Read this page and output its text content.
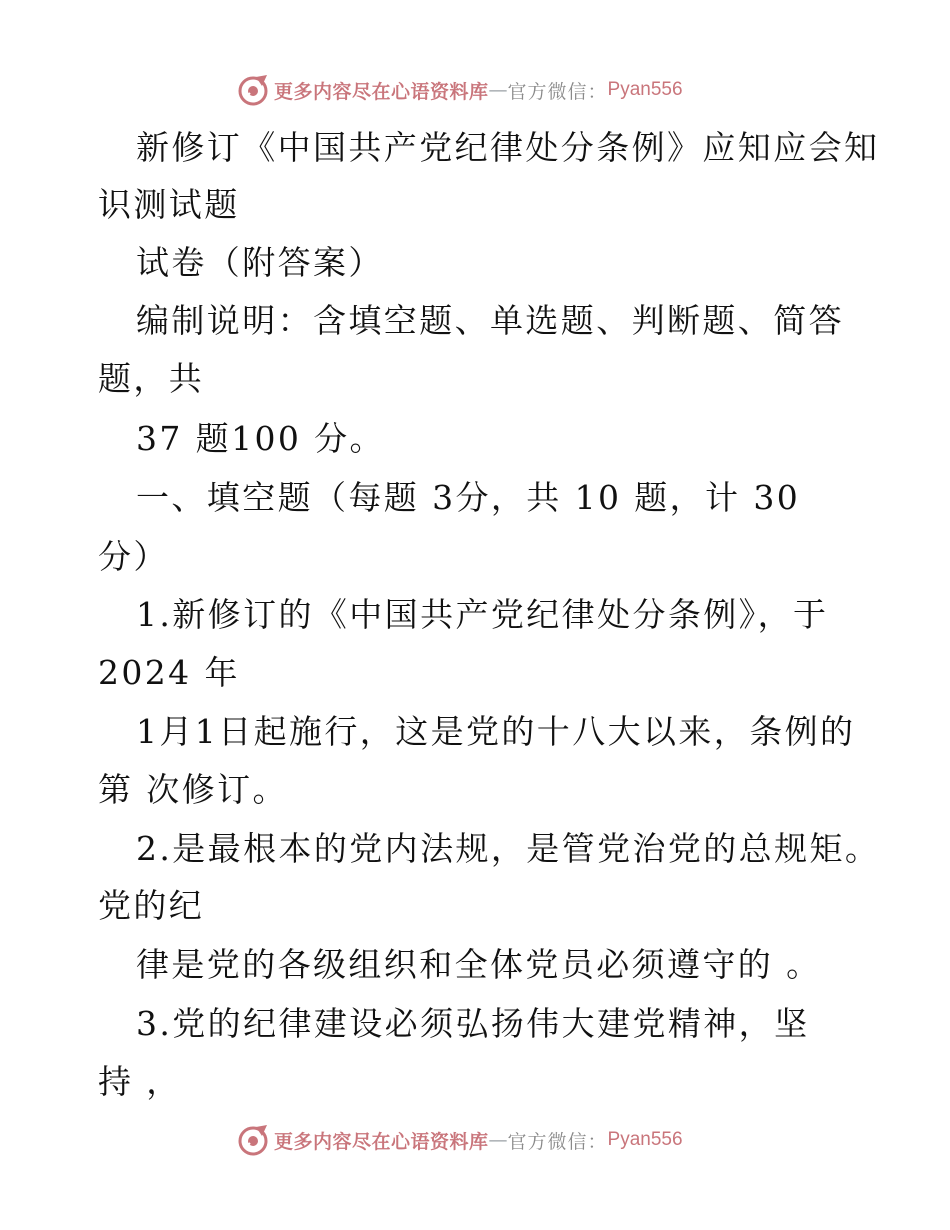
更多内容尽在心语资料库 — 官方微信： Pyan556
新修订《中国共产党纪律处分条例》应知应会知
识测试题
试卷（附答案）
编制说明：含填空题、单选题、判断题、简答
题，共
37 题100 分。
一、填空题（每题 3分，共 10 题，计 30
分）
1.新修订的《中国共产党纪律处分条例》，于
2024 年
1月1日起施行，这是党的十八大以来，条例的
第 次修订。
2.是最根本的党内法规，是管党治党的总规矩。
党的纪
律是党的各级组织和全体党员必须遵守的 。
3.党的纪律建设必须弘扬伟大建党精神，坚
持 ，
更多内容尽在心语资料库 — 官方微信： Pyan556
